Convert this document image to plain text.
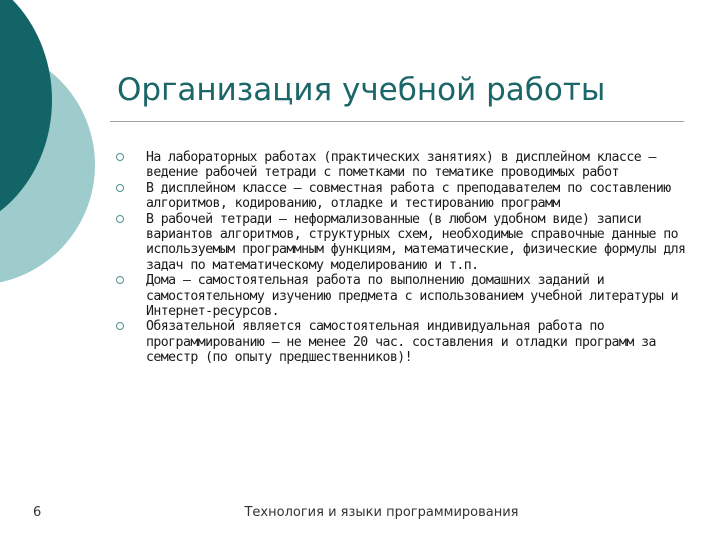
Организация учебной работы
На лабораторных работах (практических занятиях) в дисплейном классе – ведение рабочей тетради с пометками по тематике проводимых работ
В дисплейном классе – совместная работа с преподавателем по составлению алгоритмов, кодированию, отладке и тестированию программ
В рабочей тетради – неформализованные (в любом удобном виде) записи вариантов алгоритмов, структурных схем, необходимые справочные данные по используемым программным функциям, математические, физические формулы для задач по математическому моделированию и т.п.
Дома – самостоятельная работа по выполнению домашних заданий и самостоятельному изучению предмета с использованием учебной литературы и Интернет-ресурсов.
Обязательной является самостоятельная индивидуальная работа по программированию – не менее 20 час. составления и отладки программ за семестр (по опыту предшественников)!
6	Технология и языки программирования
